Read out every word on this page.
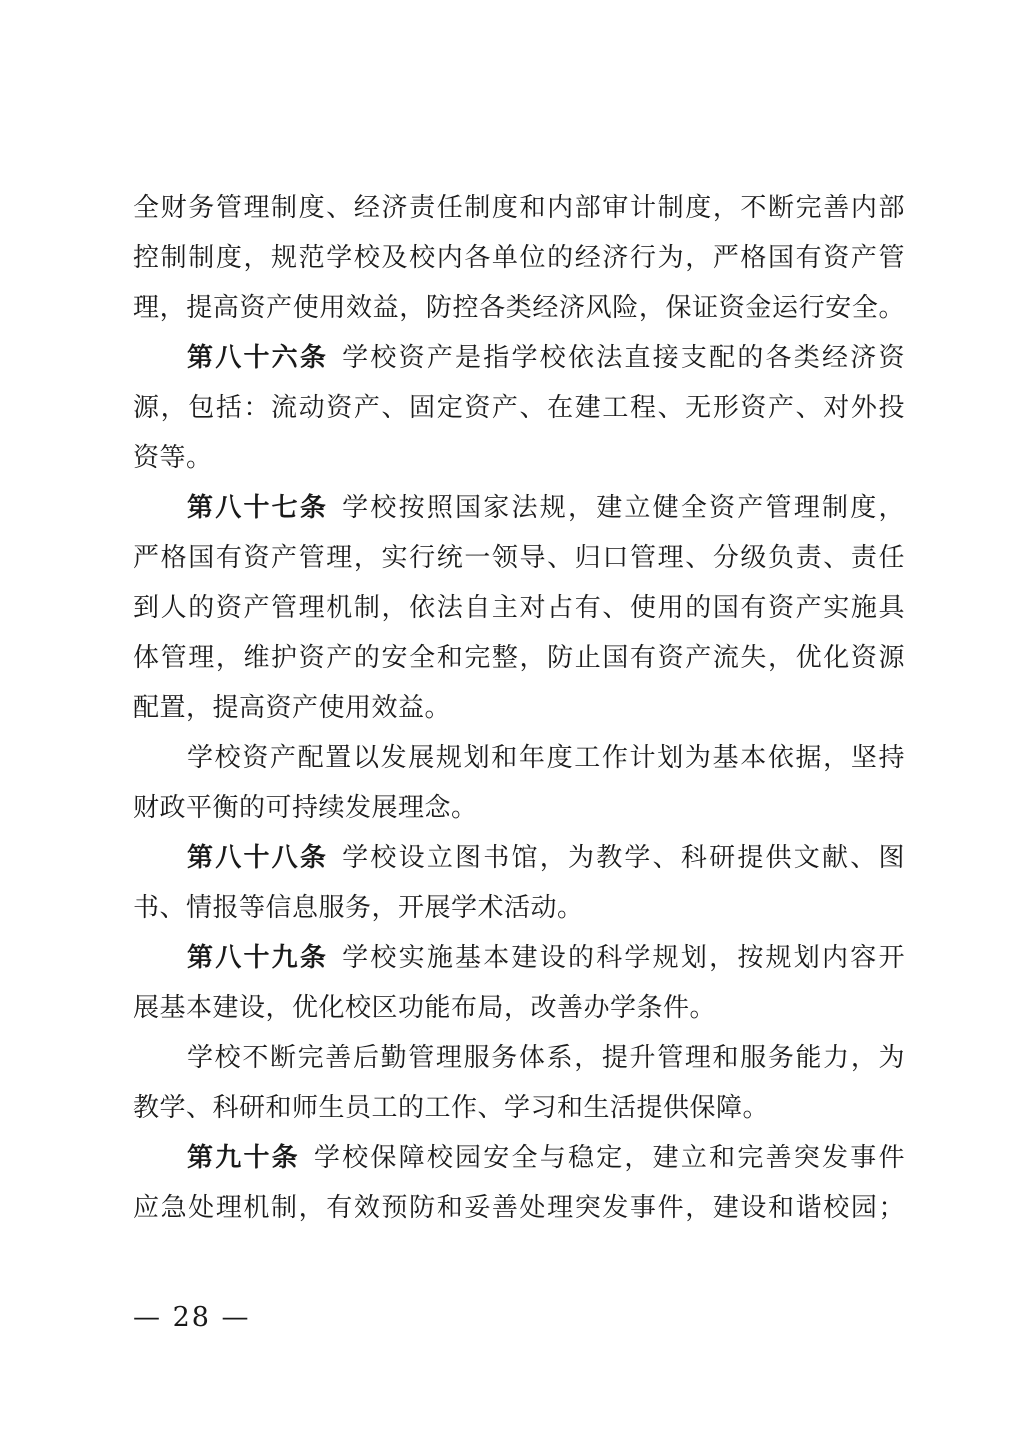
全财务管理制度、经济责任制度和内部审计制度，不断完善内部
控制制度，规范学校及校内各单位的经济行为，严格国有资产管
理，提高资产使用效益，防控各类经济风险，保证资金运行安全。
第八十六条 学校资产是指学校依法直接支配的各类经济资
源，包括：流动资产、固定资产、在建工程、无形资产、对外投
资等。
第八十七条 学校按照国家法规，建立健全资产管理制度，
严格国有资产管理，实行统一领导、归口管理、分级负责、责任
到人的资产管理机制，依法自主对占有、使用的国有资产实施具
体管理，维护资产的安全和完整，防止国有资产流失，优化资源
配置，提高资产使用效益。
学校资产配置以发展规划和年度工作计划为基本依据，坚持
财政平衡的可持续发展理念。
第八十八条 学校设立图书馆，为教学、科研提供文献、图
书、情报等信息服务，开展学术活动。
第八十九条 学校实施基本建设的科学规划，按规划内容开
展基本建设，优化校区功能布局，改善办学条件。
学校不断完善后勤管理服务体系，提升管理和服务能力，为
教学、科研和师生员工的工作、学习和生活提供保障。
第九十条 学校保障校园安全与稳定，建立和完善突发事件
应急处理机制，有效预防和妥善处理突发事件，建设和谐校园；
— 28 —
